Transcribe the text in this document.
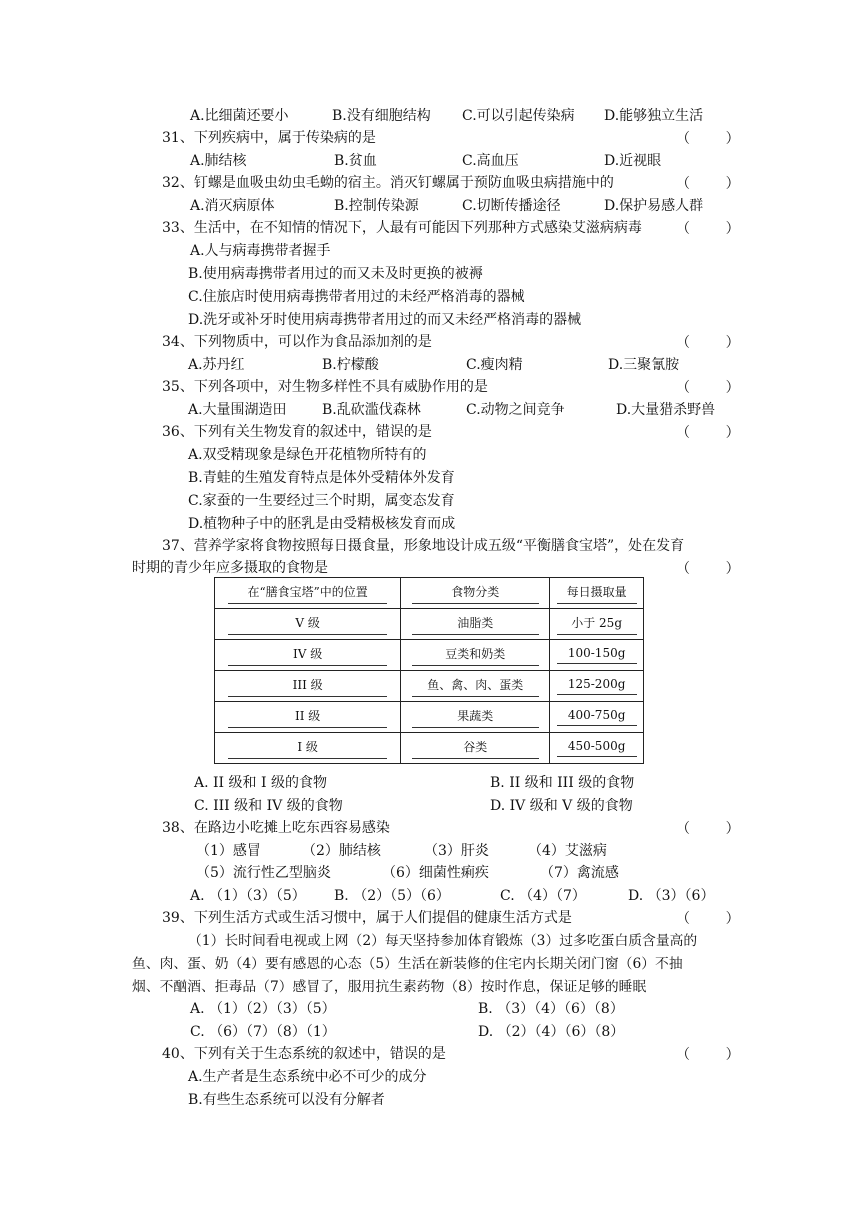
A.比细菌还要小	B.没有细胞结构 C.可以引起传染病 D.能够独立生活
31、下列疾病中，属于传染病的是	（        ）
A.肺结核	B.贫血	C.高血压	D.近视眼
32、钉螺是血吸虫幼虫毛蚴的宿主。消灭钉螺属于预防血吸虫病措施中的	（        ）
A.消灭病原体	B.控制传染源	C.切断传播途径	D.保护易感人群
33、生活中，在不知情的情况下，人最有可能因下列那种方式感染艾滋病病毒 （        ）
A.人与病毒携带者握手
B.使用病毒携带者用过的而又未及时更换的被褥
C.住旅店时使用病毒携带者用过的未经严格消毒的器械
D.洗牙或补牙时使用病毒携带者用过的而又未经严格消毒的器械
34、下列物质中，可以作为食品添加剂的是	（        ）
A.苏丹红	B.柠檬酸	C.瘦肉精	D.三聚氰胺
35、下列各项中，对生物多样性不具有威胁作用的是	（        ）
A.大量围湖造田	B.乱砍滥伐森林	C.动物之间竞争	D.大量猎杀野兽
36、下列有关生物发育的叙述中，错误的是	（        ）
A.双受精现象是绿色开花植物所特有的
B.青蛙的生殖发育特点是体外受精体外发育
C.家蚕的一生要经过三个时期，属变态发育
D.植物种子中的胚乳是由受精极核发育而成
37、营养学家将食物按照每日摄食量，形象地设计成五级“平衡膳食宝塔”，处在发育
时期的青少年应多摄取的食物是	（        ）
在“膳食宝塔”中的位置	食物分类	每日摄取量
V 级	油脂类	小于 25g
IV 级	豆类和奶类	100-150g
III 级	鱼、禽、肉、蛋类	125-200g
II 级	果蔬类	400-750g
I 级	谷类	450-500g
A. II 级和 I 级的食物	B. II 级和 III 级的食物
C. III 级和 IV 级的食物	D. IV 级和 V 级的食物
38、在路边小吃摊上吃东西容易感染	（        ）
（1）感冒	（2）肺结核	（3）肝炎	（4）艾滋病
（5）流行性乙型脑炎	（6）细菌性痢疾	（7）禽流感
A. （1）（3）（5） B. （2）（5）（6）	C. （4）（7）	D. （3）（6）
39、下列生活方式或生活习惯中，属于人们提倡的健康生活方式是	（        ）
（1）长时间看电视或上网（2）每天坚持参加体育锻炼（3）过多吃蛋白质含量高的
鱼、肉、蛋、奶（4）要有感恩的心态（5）生活在新装修的住宅内长期关闭门窗（6）不抽
烟、不酗酒、拒毒品（7）感冒了，服用抗生素药物（8）按时作息，保证足够的睡眠
A. （1）（2）（3）（5）	B. （3）（4）（6）（8）
C. （6）（7）（8）（1）	D. （2）（4）（6）（8）
40、下列有关于生态系统的叙述中，错误的是	（        ）
A.生产者是生态系统中必不可少的成分
B.有些生态系统可以没有分解者
